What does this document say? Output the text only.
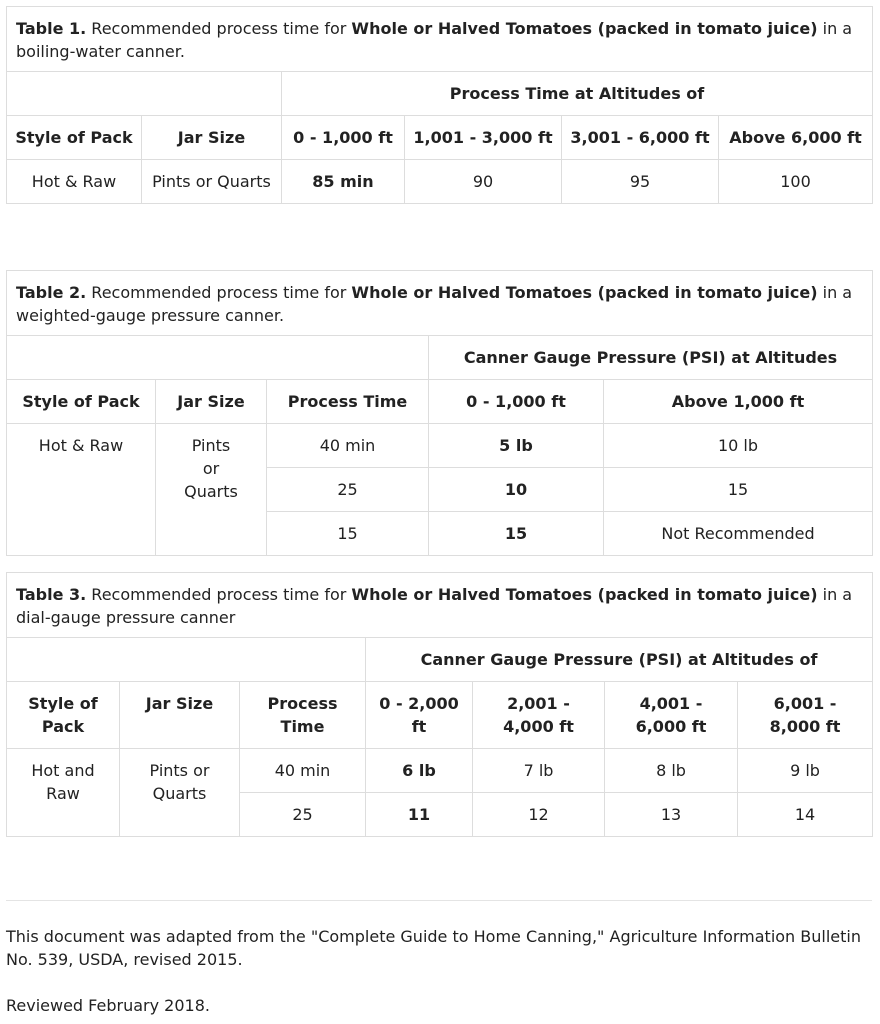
Table 1. Recommended process time for Whole or Halved Tomatoes (packed in tomato juice) in a boiling-water canner.					
		Process Time at Altitudes of			
Style of Pack	Jar Size	0 - 1,000 ft	1,001 - 3,000 ft	3,001 - 6,000 ft	Above 6,000 ft
Hot & Raw	Pints or Quarts	85 min	90	95	100
Table 2. Recommended process time for Whole or Halved Tomatoes (packed in tomato juice) in a weighted-gauge pressure canner.				
			Canner Gauge Pressure (PSI) at Altitudes	
Style of Pack	Jar Size	Process Time	0 - 1,000 ft	Above 1,000 ft
Hot & Raw	Pints or Quarts	40 min	5 lb	10 lb
		25	10	15
		15	15	Not Recommended
Table 3. Recommended process time for Whole or Halved Tomatoes (packed in tomato juice) in a dial-gauge pressure canner						
			Canner Gauge Pressure (PSI) at Altitudes of			
Style of Pack	Jar Size	Process Time	0 - 2,000 ft	2,001 - 4,000 ft	4,001 - 6,000 ft	6,001 - 8,000 ft
Hot and Raw	Pints or Quarts	40 min	6 lb	7 lb	8 lb	9 lb
		25	11	12	13	14
This document was adapted from the "Complete Guide to Home Canning," Agriculture Information Bulletin No. 539, USDA, revised 2015.
Reviewed February 2018.
